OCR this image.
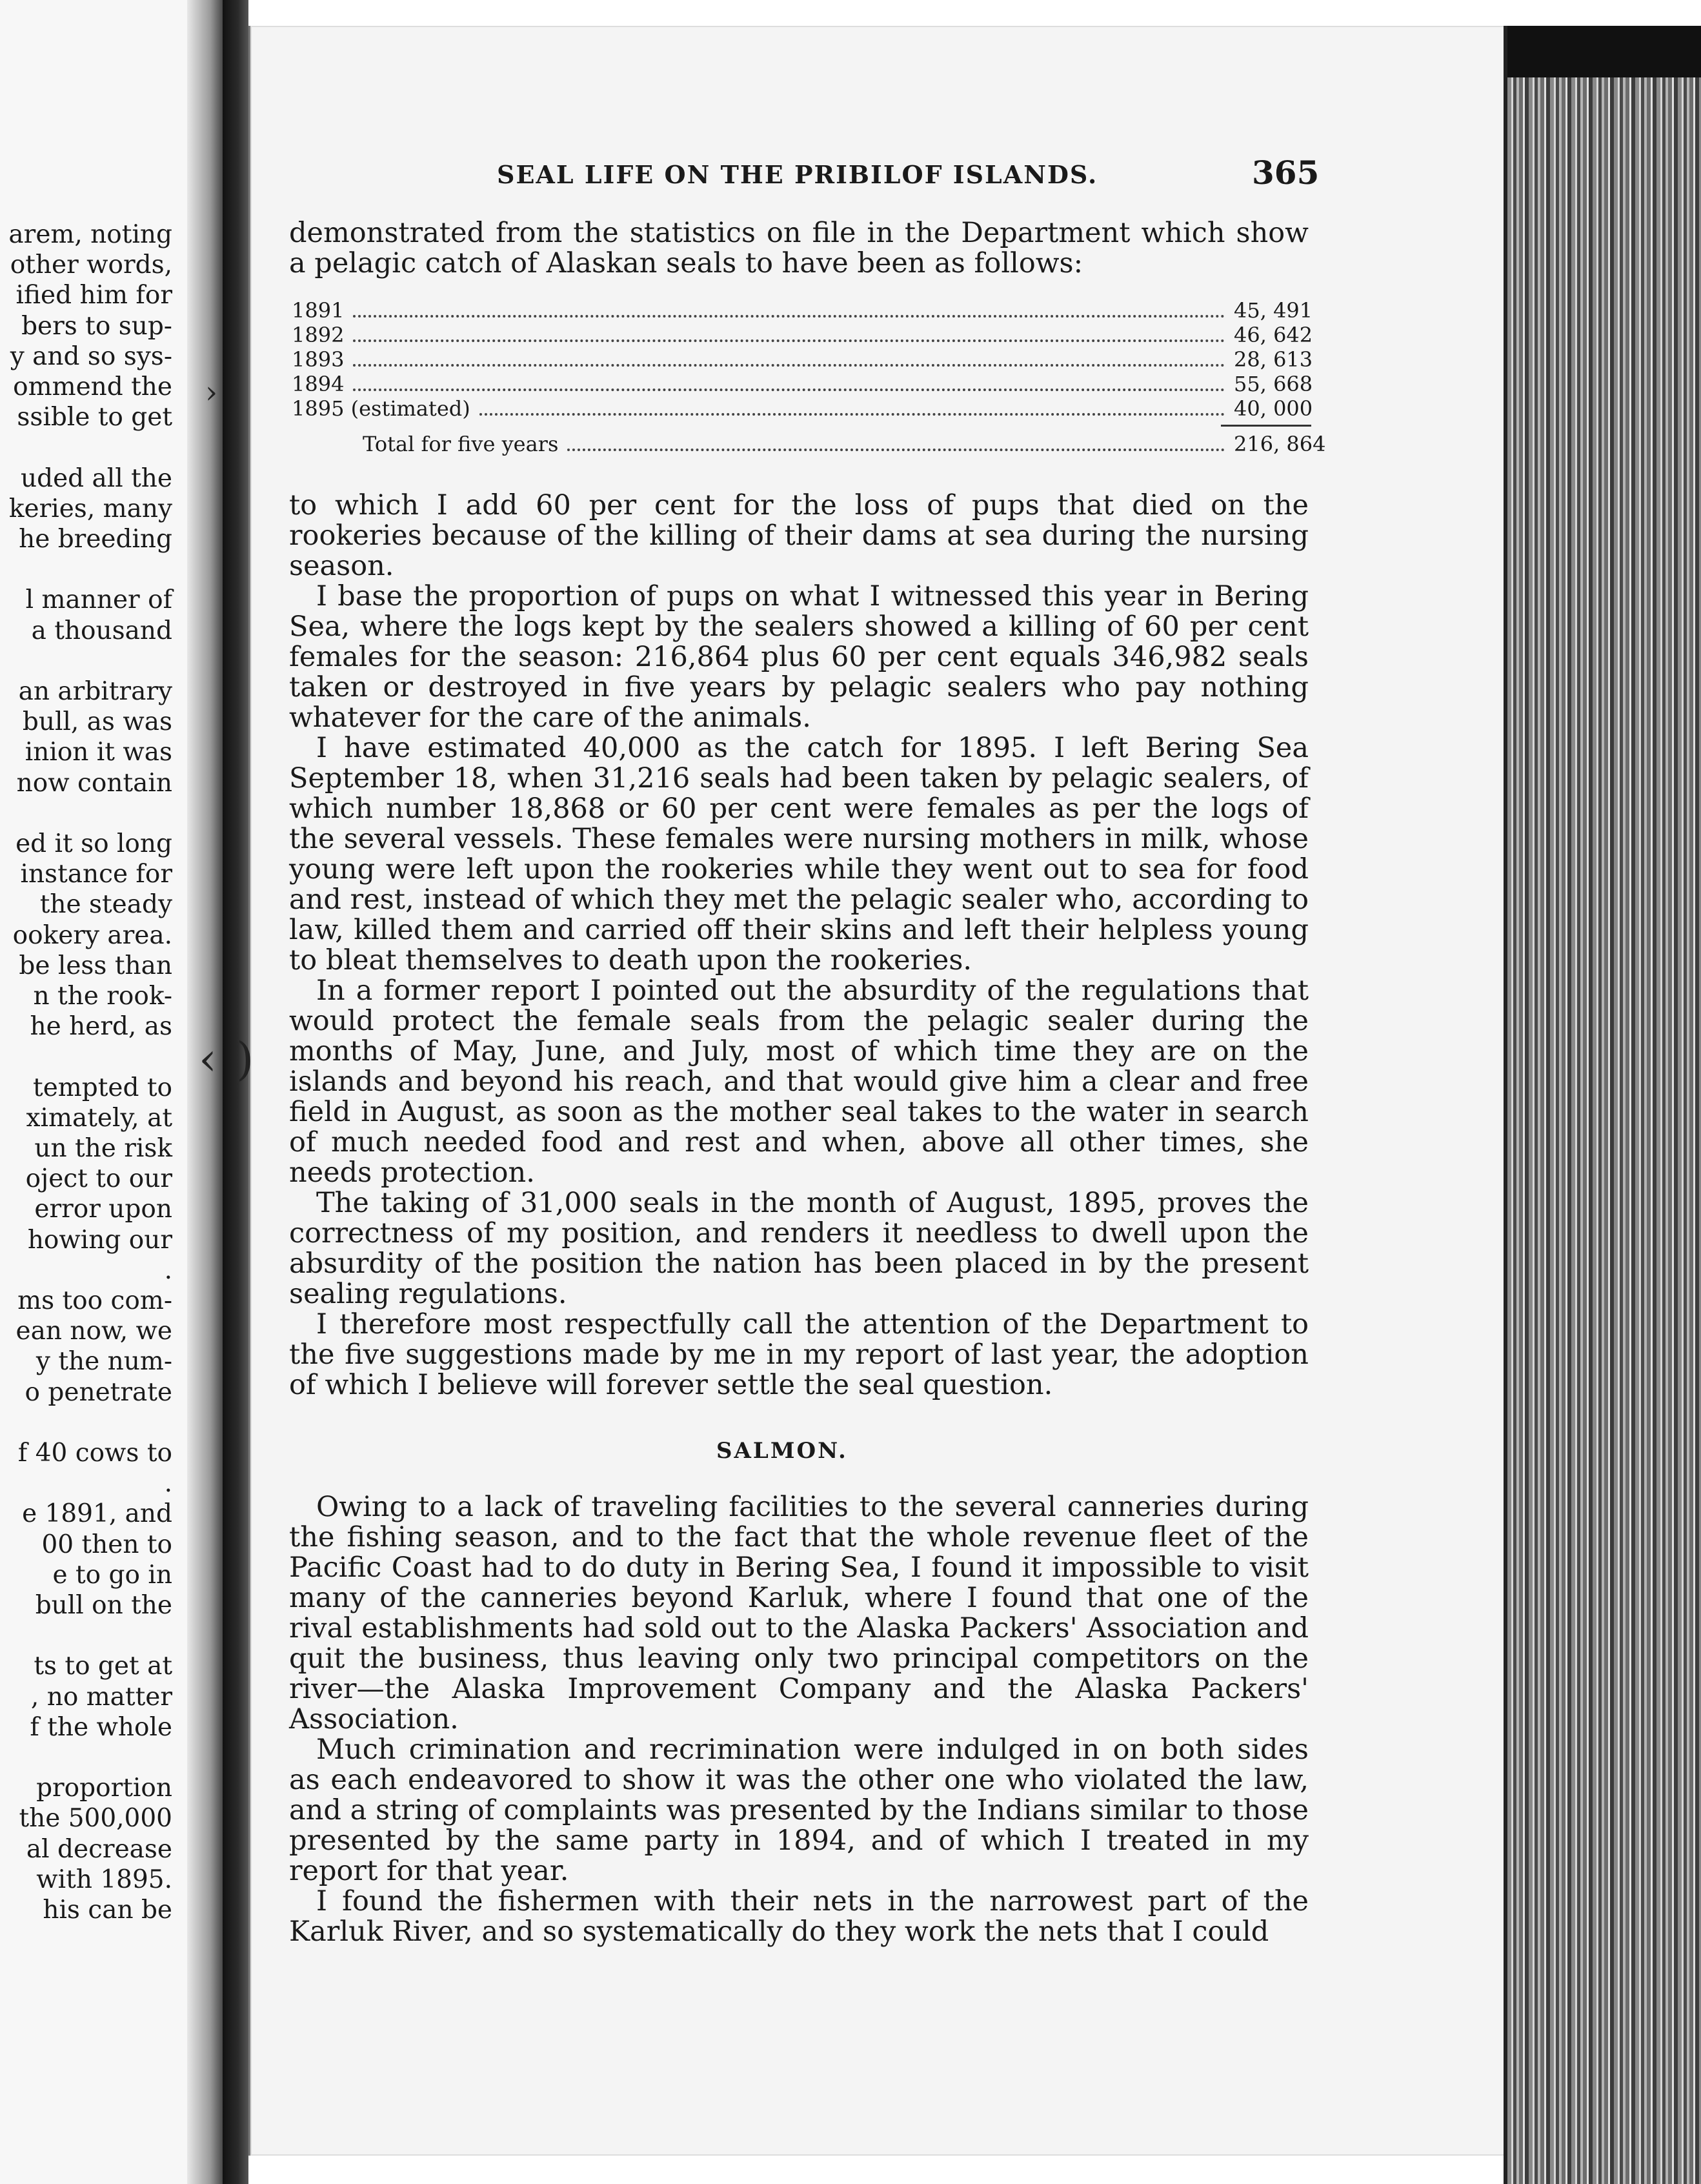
arem, noting
other words,
ified him for
bers to sup-
y and so sys-
ommend the
ssible to get
uded all the
keries, many
he breeding
l manner of
a thousand
an arbitrary
bull, as was
inion it was
now contain
ed it so long
instance for
the steady
ookery area.
be less than
n the rook-
he herd, as
tempted to
ximately, at
un the risk
oject to our
error upon
howing our
.
ms too com-
ean now, we
y the num-
o penetrate
f 40 cows to
.
e 1891, and
00 then to
e to go in
bull on the
ts to get at
, no matter
f the whole
proportion
the 500,000
al decrease
with 1895.
his can be
SEAL LIFE ON THE PRIBILOF ISLANDS.	365

demonstrated from the statistics on file in the Department which show a pelagic catch of Alaskan seals to have been as follows:

1891	45, 491
1892	46, 642
1893	28, 613
1894	55, 668
1895 (estimated)	40, 000
Total for five years	216, 864

to which I add 60 per cent for the loss of pups that died on the rookeries because of the killing of their dams at sea during the nursing season.

I base the proportion of pups on what I witnessed this year in Bering Sea, where the logs kept by the sealers showed a killing of 60 per cent females for the season: 216,864 plus 60 per cent equals 346,982 seals taken or destroyed in five years by pelagic sealers who pay nothing whatever for the care of the animals.

I have estimated 40,000 as the catch for 1895. I left Bering Sea September 18, when 31,216 seals had been taken by pelagic sealers, of which number 18,868 or 60 per cent were females as per the logs of the several vessels. These females were nursing mothers in milk, whose young were left upon the rookeries while they went out to sea for food and rest, instead of which they met the pelagic sealer who, according to law, killed them and carried off their skins and left their helpless young to bleat themselves to death upon the rookeries.

In a former report I pointed out the absurdity of the regulations that would protect the female seals from the pelagic sealer during the months of May, June, and July, most of which time they are on the islands and beyond his reach, and that would give him a clear and free field in August, as soon as the mother seal takes to the water in search of much needed food and rest and when, above all other times, she needs protection.

The taking of 31,000 seals in the month of August, 1895, proves the correctness of my position, and renders it needless to dwell upon the absurdity of the position the nation has been placed in by the present sealing regulations.

I therefore most respectfully call the attention of the Department to the five suggestions made by me in my report of last year, the adoption of which I believe will forever settle the seal question.

SALMON.

Owing to a lack of traveling facilities to the several canneries during the fishing season, and to the fact that the whole revenue fleet of the Pacific Coast had to do duty in Bering Sea, I found it impossible to visit many of the canneries beyond Karluk, where I found that one of the rival establishments had sold out to the Alaska Packers' Association and quit the business, thus leaving only two principal competitors on the river—the Alaska Improvement Company and the Alaska Packers' Association.

Much crimination and recrimination were indulged in on both sides as each endeavored to show it was the other one who violated the law, and a string of complaints was presented by the Indians similar to those presented by the same party in 1894, and of which I treated in my report for that year.

I found the fishermen with their nets in the narrowest part of the Karluk River, and so systematically do they work the nets that I could

›
‹ )
